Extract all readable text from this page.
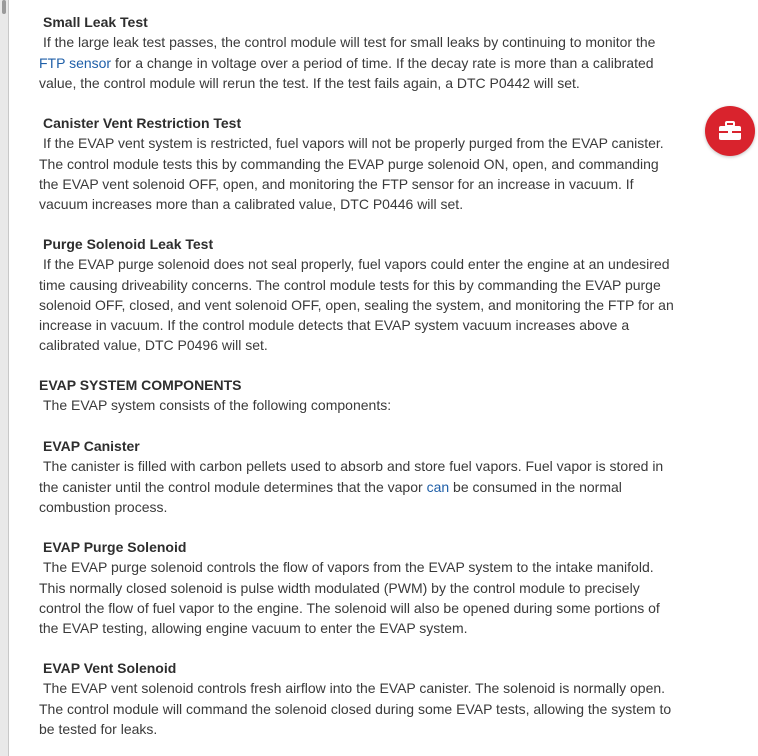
Small Leak Test
If the large leak test passes, the control module will test for small leaks by continuing to monitor the FTP sensor for a change in voltage over a period of time. If the decay rate is more than a calibrated value, the control module will rerun the test. If the test fails again, a DTC P0442 will set.
Canister Vent Restriction Test
If the EVAP vent system is restricted, fuel vapors will not be properly purged from the EVAP canister. The control module tests this by commanding the EVAP purge solenoid ON, open, and commanding the EVAP vent solenoid OFF, open, and monitoring the FTP sensor for an increase in vacuum. If vacuum increases more than a calibrated value, DTC P0446 will set.
Purge Solenoid Leak Test
If the EVAP purge solenoid does not seal properly, fuel vapors could enter the engine at an undesired time causing driveability concerns. The control module tests for this by commanding the EVAP purge solenoid OFF, closed, and vent solenoid OFF, open, sealing the system, and monitoring the FTP for an increase in vacuum. If the control module detects that EVAP system vacuum increases above a calibrated value, DTC P0496 will set.
EVAP SYSTEM COMPONENTS
The EVAP system consists of the following components:
EVAP Canister
The canister is filled with carbon pellets used to absorb and store fuel vapors. Fuel vapor is stored in the canister until the control module determines that the vapor can be consumed in the normal combustion process.
EVAP Purge Solenoid
The EVAP purge solenoid controls the flow of vapors from the EVAP system to the intake manifold. This normally closed solenoid is pulse width modulated (PWM) by the control module to precisely control the flow of fuel vapor to the engine. The solenoid will also be opened during some portions of the EVAP testing, allowing engine vacuum to enter the EVAP system.
EVAP Vent Solenoid
The EVAP vent solenoid controls fresh airflow into the EVAP canister. The solenoid is normally open. The control module will command the solenoid closed during some EVAP tests, allowing the system to be tested for leaks.
